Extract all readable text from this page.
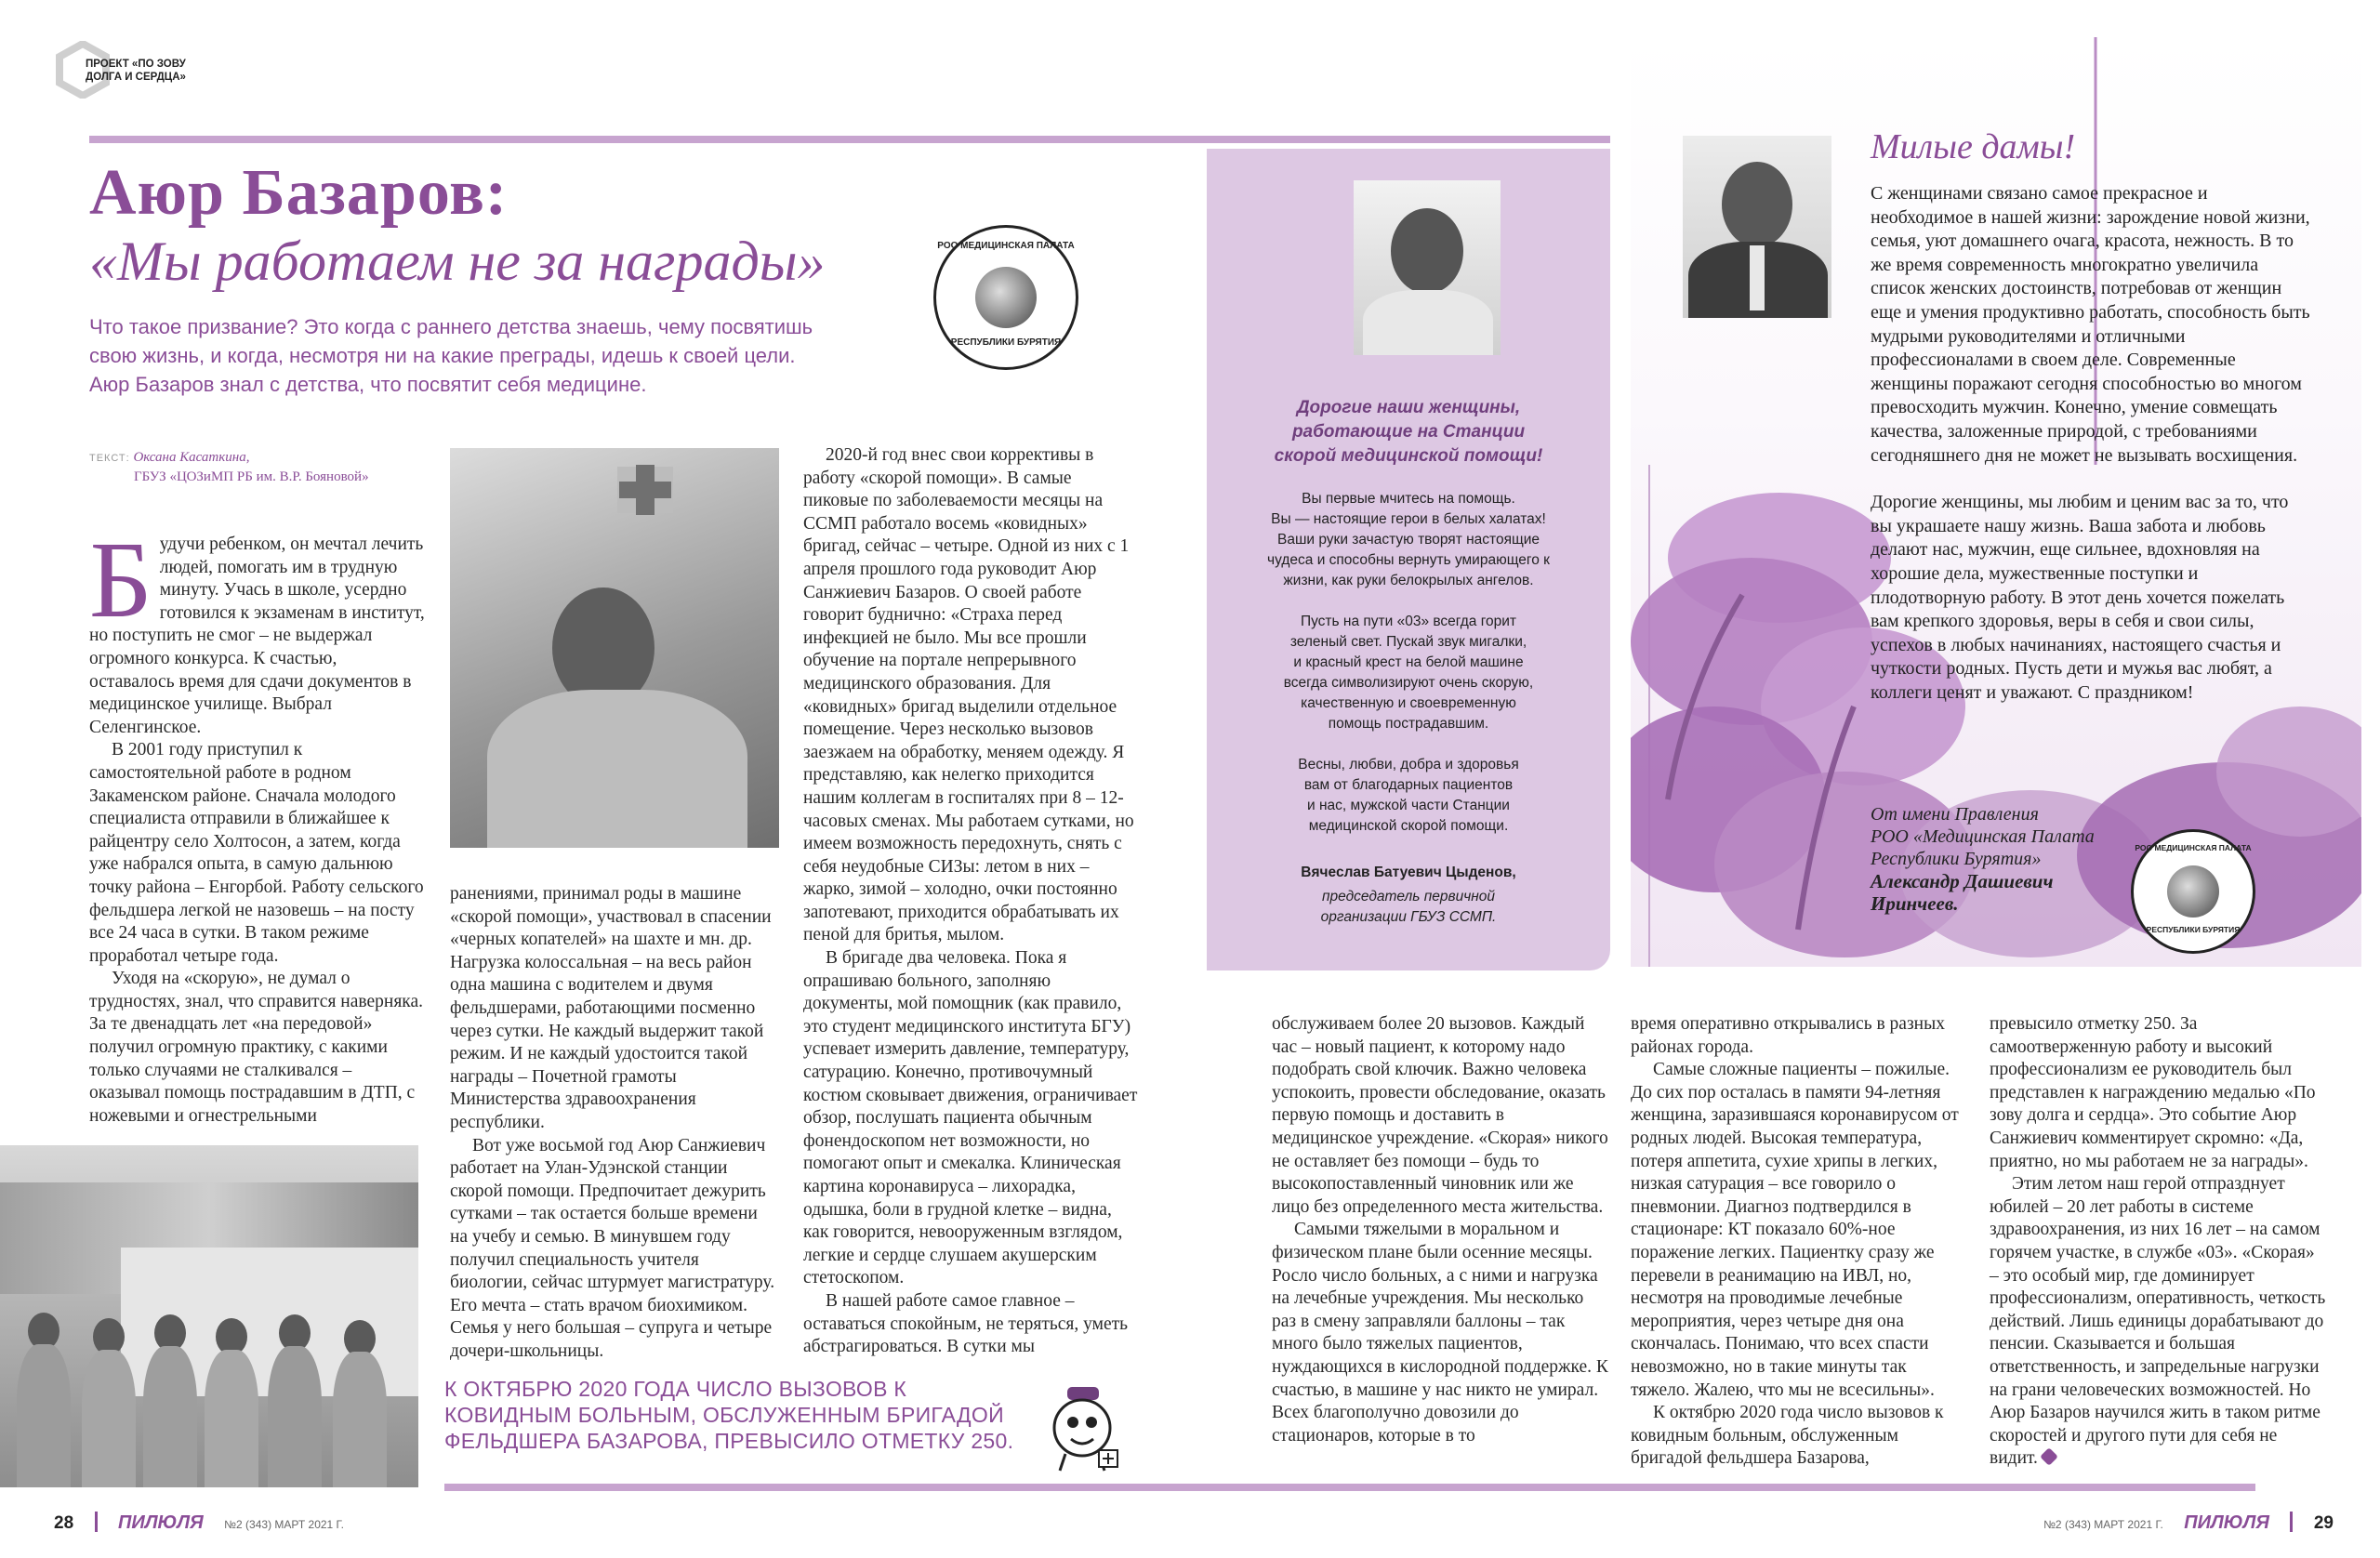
ПРОЕКТ «ПО ЗОВУ
ДОЛГА И СЕРДЦА»
Аюр Базаров:
«Мы работаем не за награды»	РОО МЕДИЦИНСКАЯ ПАЛАТА
РЕСПУБЛИКИ БУРЯТИЯ
Что такое призвание? Это когда с раннего детства знаешь, чему посвятишь
свою жизнь, и когда, несмотря ни на какие преграды, идешь к своей цели.
Аюр Базаров знал с детства, что посвятит себя медицине.
ТЕКСТ: Оксана Касаткина,
ГБУЗ «ЦОЗиМП РБ им. В.Р. Бояновой»
Б удучи ребенком, он мечтал лечить людей, помогать им в трудную минуту. Учась в школе, усердно готовился к экзаменам в институт, но поступить не смог – не выдержал огромного конкурса. К счастью, оставалось время для сдачи документов в медицинское училище. Выбрал Селенгинское.

В 2001 году приступил к самостоятельной работе в родном Закаменском районе. Сначала молодого специалиста отправили в ближайшее к райцентру село Холтосон, а затем, когда уже набрался опыта, в самую дальнюю точку района – Енгорбой. Работу сельского фельдшера легкой не назовешь – на посту все 24 часа в сутки. В таком режиме проработал четыре года.

Уходя на «скорую», не думал о трудностях, знал, что справится наверняка. За те двенадцать лет «на передовой» получил огромную практику, с какими только случаями не сталкивался – оказывал помощь пострадавшим в ДТП, с ножевыми и огнестрельными

ранениями, принимал роды в машине «скорой помощи», участвовал в спасении «черных копателей» на шахте и мн. др. Нагрузка колоссальная – на весь район одна машина с водителем и двумя фельдшерами, работающими посменно через сутки. Не каждый выдержит такой режим. И не каждый удостоится такой награды – Почетной грамоты Министерства здравоохранения республики.

Вот уже восьмой год Аюр Санжиевич работает на Улан-Удэнской станции скорой помощи. Предпочитает дежурить сутками – так остается больше времени на учебу и семью. В минувшем году получил специальность учителя биологии, сейчас штурмует магистратуру. Его мечта – стать врачом биохимиком. Семья у него большая – супруга и четыре дочери-школьницы.

2020-й год внес свои коррективы в работу «скорой помощи». В самые пиковые по заболеваемости месяцы на ССМП работало восемь «ковидных» бригад, сейчас – четыре. Одной из них с 1 апреля прошлого года руководит Аюр Санжиевич Базаров. О своей работе говорит буднично: «Страха перед инфекцией не было. Мы все прошли обучение на портале непрерывного медицинского образования. Для «ковидных» бригад выделили отдельное помещение. Через несколько вызовов заезжаем на обработку, меняем одежду. Я представляю, как нелегко приходится нашим коллегам в госпиталях при 8 – 12-часовых сменах. Мы работаем сутками, но имеем возможность передохнуть, снять с себя неудобные СИЗы: летом в них – жарко, зимой – холодно, очки постоянно запотевают, приходится обрабатывать их пеной для бритья, мылом.

В бригаде два человека. Пока я опрашиваю больного, заполняю документы, мой помощник (как правило, это студент медицинского института БГУ) успевает измерить давление, температуру, сатурацию. Конечно, противочумный костюм сковывает движения, ограничивает обзор, послушать пациента обычным фонендоскопом нет возможности, но помогают опыт и смекалка. Клиническая картина коронавируса – лихорадка, одышка, боли в грудной клетке – видна, как говорится, невооруженным взглядом, легкие и сердце слушаем акушерским стетоскопом.

В нашей работе самое главное – оставаться спокойным, не теряться, уметь абстрагироваться. В сутки мы

К ОКТЯБРЮ 2020 ГОДА ЧИСЛО ВЫЗОВОВ К КОВИДНЫМ БОЛЬНЫМ, ОБСЛУЖЕННЫМ БРИГАДОЙ ФЕЛЬДШЕРА БАЗАРОВА, ПРЕВЫСИЛО ОТМЕТКУ 250.
Дорогие наши женщины,
работающие на Станции
скорой медицинской помощи!
Вы первые мчитесь на помощь.
Вы — настоящие герои в белых халатах!
Ваши руки зачастую творят настоящие
чудеса и способны вернуть умирающего к
жизни, как руки белокрылых ангелов.
Пусть на пути «03» всегда горит
зеленый свет. Пускай звук мигалки,
и красный крест на белой машине
всегда символизируют очень скорую,
качественную и своевременную
помощь пострадавшим.
Весны, любви, добра и здоровья
вам от благодарных пациентов
и нас, мужской части Станции
медицинской скорой помощи.
Вячеслав Батуевич Цыденов,
председатель первичной
организации ГБУЗ ССМП.
Милые дамы!

С женщинами связано самое прекрасное и необходимое в нашей жизни: зарождение новой жизни, семья, уют домашнего очага, красота, нежность. В то же время современность многократно увеличила список женских достоинств, потребовав от женщин еще и умения продуктивно работать, способность быть мудрыми руководителями и отличными профессионалами в своем деле. Современные женщины поражают сегодня способностью во многом превосходить мужчин. Конечно, умение совмещать качества, заложенные природой, с требованиями сегодняшнего дня не может не вызывать восхищения.

Дорогие женщины, мы любим и ценим вас за то, что вы украшаете нашу жизнь. Ваша забота и любовь делают нас, мужчин, еще сильнее, вдохновляя на хорошие дела, мужественные поступки и плодотворную работу. В этот день хочется пожелать вам крепкого здоровья, веры в себя и свои силы, успехов в любых начинаниях, настоящего счастья и чуткости родных. Пусть дети и мужья вас любят, а коллеги ценят и уважают. С праздником!

От имени Правления
РОО «Медицинская Палата
Республики Бурятия»
Александр Дашиевич
Иринчеев.
РОО МЕДИЦИНСКАЯ ПАЛАТА
РЕСПУБЛИКИ БУРЯТИЯ

обслуживаем более 20 вызовов. Каждый час – новый пациент, к которому надо подобрать свой ключик. Важно человека успокоить, провести обследование, оказать первую помощь и доставить в медицинское учреждение. «Скорая» никого не оставляет без помощи – будь то высокопоставленный чиновник или же лицо без определенного места жительства.

Самыми тяжелыми в моральном и физическом плане были осенние месяцы. Росло число больных, а с ними и нагрузка на лечебные учреждения. Мы несколько раз в смену заправляли баллоны – так много было тяжелых пациентов, нуждающихся в кислородной поддержке. К счастью, в машине у нас никто не умирал. Всех благополучно довозили до стационаров, которые в то

время оперативно открывались в разных районах города.

Самые сложные пациенты – пожилые. До сих пор осталась в памяти 94-летняя женщина, заразившаяся коронавирусом от родных людей. Высокая температура, потеря аппетита, сухие хрипы в легких, низкая сатурация – все говорило о пневмонии. Диагноз подтвердился в стационаре: КТ показало 60%-ное поражение легких. Пациентку сразу же перевели в реанимацию на ИВЛ, но, несмотря на проводимые лечебные мероприятия, через четыре дня она скончалась. Понимаю, что всех спасти невозможно, но в такие минуты так тяжело. Жалею, что мы не всесильны».

К октябрю 2020 года число вызовов к ковидным больным, обслуженным бригадой фельдшера Базарова,

превысило отметку 250. За самоотверженную работу и высокий профессионализм ее руководитель был представлен к награждению медалью «По зову долга и сердца». Это событие Аюр Санжиевич комментирует скромно: «Да, приятно, но мы работаем не за награды».

Этим летом наш герой отпразднует юбилей – 20 лет работы в системе здравоохранения, из них 16 лет – на самом горячем участке, в службе «03». «Скорая» – это особый мир, где доминирует профессионализм, оперативность, четкость действий. Лишь единицы дорабатывают до пенсии. Сказывается и большая ответственность, и запредельные нагрузки на грани человеческих возможностей. Но Аюр Базаров научился жить в таком ритме скоростей и другого пути для себя не видит.

28 ПИЛЮЛЯ №2 (343) МАРТ 2021 Г.	№2 (343) МАРТ 2021 Г. ПИЛЮЛЯ	29
